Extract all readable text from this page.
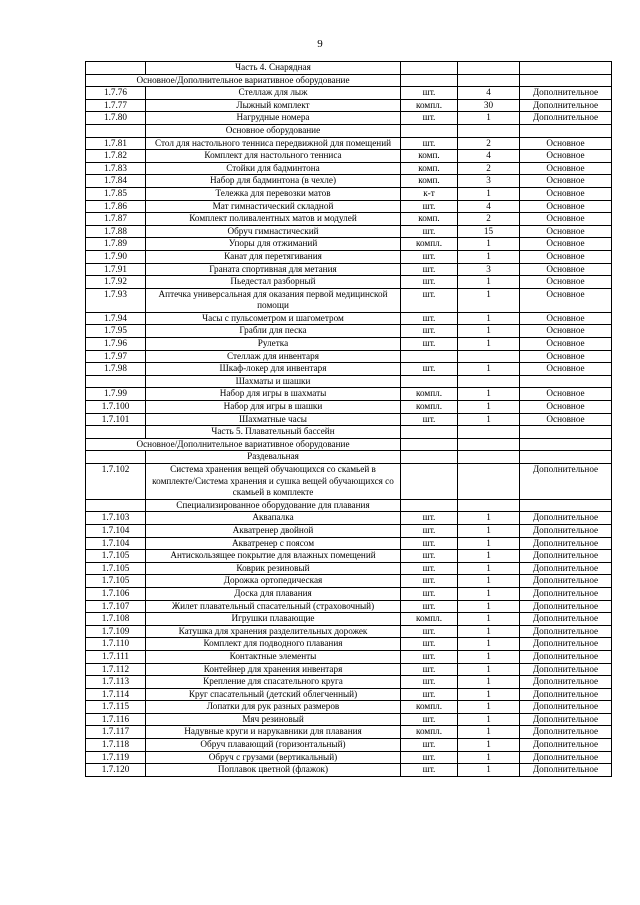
9
	Часть 4. Снарядная			
Основное/Дополнительное вариативное оборудование				
1.7.76	Стеллаж для лыж	шт.	4	Дополнительное
1.7.77	Лыжный комплект	компл.	30	Дополнительное
1.7.80	Нагрудные номера	шт.	1	Дополнительное
	Основное оборудование			
1.7.81	Стол для настольного тенниса передвижной для помещений	шт.	2	Основное
1.7.82	Комплект для настольного тенниса	комп.	4	Основное
1.7.83	Стойки для бадминтона	комп.	2	Основное
1.7.84	Набор для бадминтона (в чехле)	комп.	3	Основное
1.7.85	Тележка для перевозки матов	к-т	1	Основное
1.7.86	Мат гимнастический складной	шт.	4	Основное
1.7.87	Комплект поливалентных матов и модулей	комп.	2	Основное
1.7.88	Обруч гимнастический	шт.	15	Основное
1.7.89	Упоры для отжиманий	компл.	1	Основное
1.7.90	Канат для перетягивания	шт.	1	Основное
1.7.91	Граната спортивная для метания	шт.	3	Основное
1.7.92	Пьедестал разборный	шт.	1	Основное
1.7.93	Аптечка универсальная для оказания первой медицинской помощи	шт.	1	Основное
1.7.94	Часы с пульсометром и шагометром	шт.	1	Основное
1.7.95	Грабли для песка	шт.	1	Основное
1.7.96	Рулетка	шт.	1	Основное
1.7.97	Стеллаж для инвентаря			Основное
1.7.98	Шкаф-локер для инвентаря	шт.	1	Основное
	Шахматы и шашки			
1.7.99	Набор для игры в шахматы	компл.	1	Основное
1.7.100	Набор для игры в шашки	компл.	1	Основное
1.7.101	Шахматные часы	шт.	1	Основное
	Часть 5. Плавательный бассейн			
Основное/Дополнительное вариативное оборудование				
	Раздевальная			
1.7.102	Система хранения вещей обучающихся со скамьей в комплекте/Система хранения и сушка вещей обучающихся со скамьей в комплекте			Дополнительное
	Специализированное оборудование для плавания			
1.7.103	Аквапалка	шт.	1	Дополнительное
1.7.104	Акватренер двойной	шт.	1	Дополнительное
1.7.104	Акватренер с поясом	шт.	1	Дополнительное
1.7.105	Антискользящее покрытие для влажных помещений	шт.	1	Дополнительное
1.7.105	Коврик резиновый	шт.	1	Дополнительное
1.7.105	Дорожка ортопедическая	шт.	1	Дополнительное
1.7.106	Доска для плавания	шт.	1	Дополнительное
1.7.107	Жилет плавательный спасательный (страховочный)	шт.	1	Дополнительное
1.7.108	Игрушки плавающие	компл.	1	Дополнительное
1.7.109	Катушка для хранения разделительных дорожек	шт.	1	Дополнительное
1.7.110	Комплект для подводного плавания	шт.	1	Дополнительное
1.7.111	Контактные элементы	шт.	1	Дополнительное
1.7.112	Контейнер для хранения инвентаря	шт.	1	Дополнительное
1.7.113	Крепление для спасательного круга	шт.	1	Дополнительное
1.7.114	Круг спасательный (детский облегченный)	шт.	1	Дополнительное
1.7.115	Лопатки для рук разных размеров	компл.	1	Дополнительное
1.7.116	Мяч резиновый	шт.	1	Дополнительное
1.7.117	Надувные круги и нарукавники для плавания	компл.	1	Дополнительное
1.7.118	Обруч плавающий (горизонтальный)	шт.	1	Дополнительное
1.7.119	Обруч с грузами (вертикальный)	шт.	1	Дополнительное
1.7.120	Поплавок цветной (флажок)	шт.	1	Дополнительное
